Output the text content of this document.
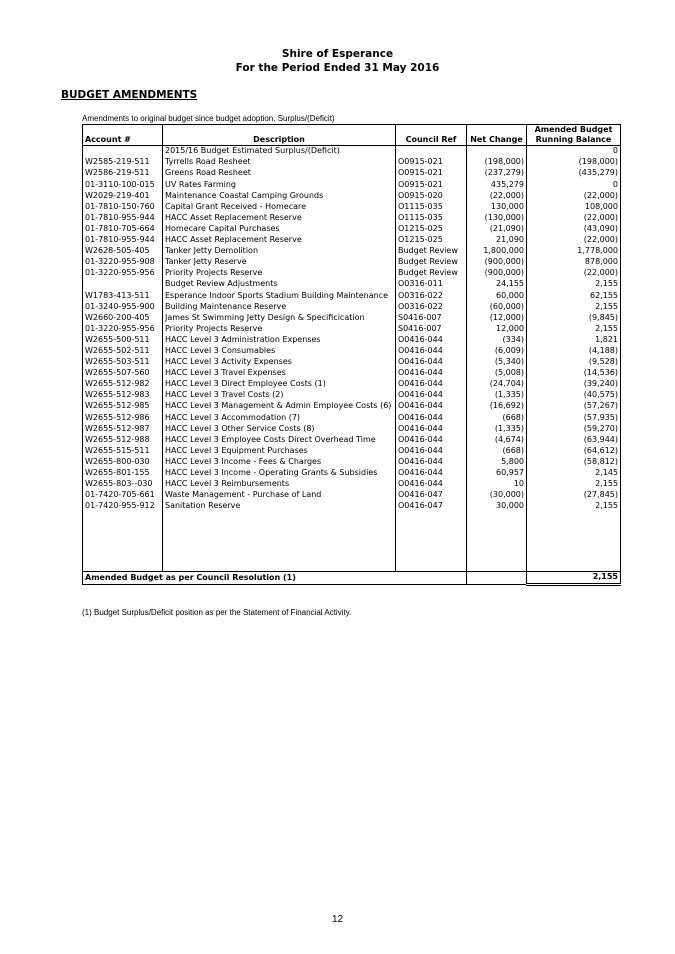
Shire of Esperance
For the Period Ended 31 May 2016
BUDGET AMENDMENTS
Amendments to original budget since budget adoption. Surplus/(Deficit)
Account #	Description	Council Ref	Net Change	Amended Budget
Running Balance
	2015/16 Budget Estimated Surplus/(Deficit)			0
W2585-219-511	Tyrrells Road Resheet	O0915-021	(198,000)	(198,000)
W2586-219-511	Greens Road Resheet	O0915-021	(237,279)	(435,279)
01-3110-100-015	UV Rates Farming	O0915-021	435,279	0
W2029-219-401	Maintenance Coastal Camping Grounds	O0915-020	(22,000)	(22,000)
01-7810-150-760	Capital Grant Received - Homecare	O1115-035	130,000	108,000
01-7810-955-944	HACC Asset Replacement Reserve	O1115-035	(130,000)	(22,000)
01-7810-705-664	Homecare Capital Purchases	O1215-025	(21,090)	(43,090)
01-7810-955-944	HACC Asset Replacement Reserve	O1215-025	21,090	(22,000)
W2628-505-405	Tanker Jetty Demolition	Budget Review	1,800,000	1,778,000
01-3220-955-908	Tanker Jetty Reserve	Budget Review	(900,000)	878,000
01-3220-955-956	Priority Projects Reserve	Budget Review	(900,000)	(22,000)
	Budget Review Adjustments	O0316-011	24,155	2,155
W1783-413-511	Esperance Indoor Sports Stadium Building Maintenance	O0316-022	60,000	62,155
01-3240-955-900	Building Maintenance Reserve	O0316-022	(60,000)	2,155
W2660-200-405	James St Swimming Jetty Design & Specificication	S0416-007	(12,000)	(9,845)
01-3220-955-956	Priority Projects Reserve	S0416-007	12,000	2,155
W2655-500-511	HACC Level 3 Administration Expenses	O0416-044	(334)	1,821
W2655-502-511	HACC Level 3 Consumables	O0416-044	(6,009)	(4,188)
W2655-503-511	HACC Level 3 Activity Expenses	O0416-044	(5,340)	(9,528)
W2655-507-560	HACC Level 3 Travel Expenses	O0416-044	(5,008)	(14,536)
W2655-512-982	HACC Level 3 Direct Employee Costs (1)	O0416-044	(24,704)	(39,240)
W2655-512-983	HACC Level 3 Travel Costs (2)	O0416-044	(1,335)	(40,575)
W2655-512-985	HACC Level 3 Management & Admin Employee Costs (6)	O0416-044	(16,692)	(57,267)
W2655-512-986	HACC Level 3 Accommodation (7)	O0416-044	(668)	(57,935)
W2655-512-987	HACC Level 3 Other Service Costs (8)	O0416-044	(1,335)	(59,270)
W2655-512-988	HACC Level 3 Employee Costs Direct Overhead Time	O0416-044	(4,674)	(63,944)
W2655-515-511	HACC Level 3 Equipment Purchases	O0416-044	(668)	(64,612)
W2655-800-030	HACC Level 3 Income - Fees & Charges	O0416-044	5,800	(58,812)
W2655-801-155	HACC Level 3 Income - Operating Grants & Subsidies	O0416-044	60,957	2,145
W2655-803--030	HACC Level 3 Reimbursements	O0416-044	10	2,155
01-7420-705-661	Waste Management - Purchase of Land	O0416-047	(30,000)	(27,845)
01-7420-955-912	Sanitation Reserve	O0416-047	30,000	2,155

Amended Budget as per Council Resolution (1)				2,155
(1) Budget Surplus/Deficit position as per the Statement of Financial Activity.
12
